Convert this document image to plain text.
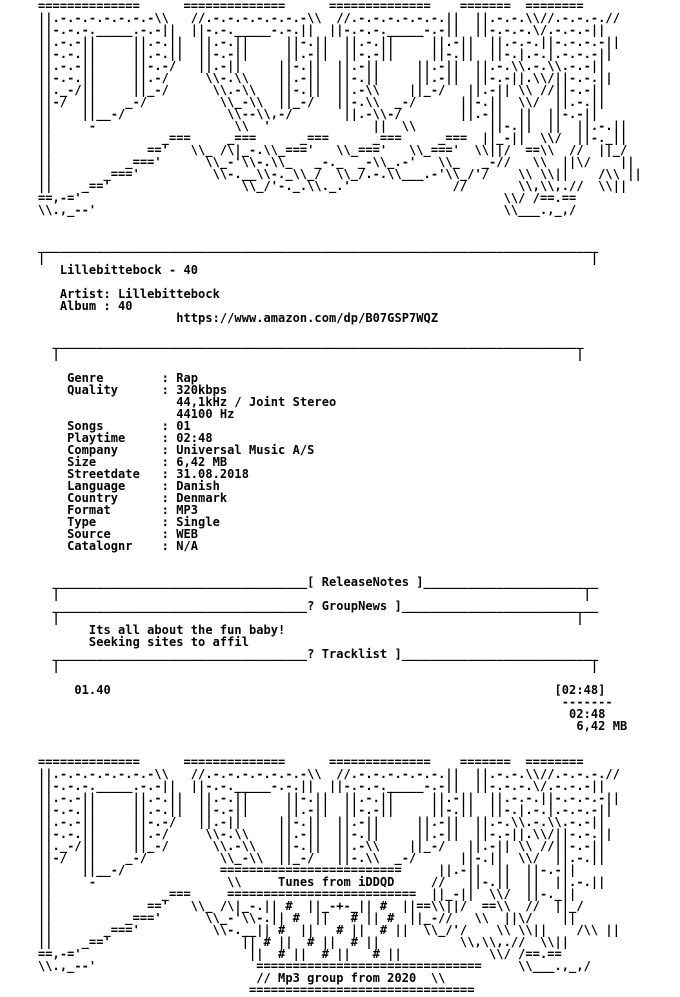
==============      ==============      ==============    =======  ========
||.-.-.-.-.-.-.-\\   //.-.-.-.-.-.-.-\\  //.-.-.-.-.-.-.||  ||.-.-.\\//.-.-.-.//
||-.-.-._____.-.-||  ||-.-._____-.-.||  ||-.-.-._____-.-||  ||-.-.-.\/.-.-.-||
||.-.-||     ||.-.||  ||.-.||     ||-.||  ||.-.||     ||.-||  ||.-.-.||-.-.-.-||
||-.-.||     ||.-.||  ||-.-||     ||.-||  ||-.-||     ||-.||  ||-.|.-.|.-.-.-||
||.-.-||     ||-.-/   ||.-||     ||-.||  ||.-||     ||.-||  ||.-.\\.-.\\.-.-||
||-.-.||     ||.-/     \\-.\\    ||.-||  ||-.||     ||.-||  ||-.-||.\\/||-.-.||
||._-/||     ||_-/      \\.-\\   ||-.||  ||.-\\    ||_-/   ||.-|| \\ //||-.-||
||-/  ||    _-/          \\_-\\  ||_-/   ||-.\\  _-/      ||-.||  \\/  ||.-.||
||    ||__-/              \\--\\,-/       ||.-\\-/        ||.-||  ||  ||-.-||
||     -                   \\  '              ||  \\          ||-.||  ||  ||.-.||
||               _===     _===      _===      _===     _===  ||_-||  \\/  ||-._||
||             =='   \\_ /\|_-.\\_==='   \\_==='   \\_==='  \\||/  ==\\  //  ||_/
||          _==='      \\_-'\\-.\\_   _-._  _-\\_.-'   \\_   _-//   \\  ||\/    ||
||       _==='          \\-.__\\-._\\_/  \\_/.-.\\___.-'\\_/'/    \\ \\||    /\\ ||
||    _=='                  \\_/'-._.\\._.'              //       \\,\\,.//  \\||
==,-='                                                          \\/ /==.==
\\.,_--'                                                        \\___.,_,/

_____________________________________________________________________________
|                                                                           |
Lillebittebock - 40

Artist: Lillebittebock
Album : 40
https://www.amazon.com/dp/B07GSP7WQZ

_________________________________________________________________________
|                                                                       |

Genre        : Rap
Quality      : 320kbps
44,1kHz / Joint Stereo
44100 Hz
Songs        : 01
Playtime     : 02:48
Company      : Universal Music A/S
Size         : 6,42 MB
Streetdate   : 31.08.2018
Language     : Danish
Country      : Denmark
Format       : MP3
Type         : Single
Source       : WEB
Catalognr    : N/A

___________________________________[ ReleaseNotes ]________________________
|                                                                        |
___________________________________? GroupNews ]___________________________
|                                                                       |
Its all about the fun baby!
Seeking sites to affil
___________________________________? Tracklist ]___________________________
|                                                                         |

01.40                                                             [02:48]
-------
02:48
6,42 MB

==============      ==============      ==============    =======  ========
||.-.-.-.-.-.-.-\\   //.-.-.-.-.-.-.-\\  //.-.-.-.-.-.-.||  ||.-.-.\\//.-.-.-.//
||-.-.-._____.-.-||  ||-.-._____-.-.||  ||-.-.-._____-.-||  ||-.-.-.\/.-.-.-||
||.-.-||     ||.-.||  ||.-.||     ||-.||  ||.-.||     ||.-||  ||.-.-.||-.-.-.-||
||-.-.||     ||.-.||  ||-.-||     ||.-||  ||-.-||     ||-.||  ||-.|.-.|.-.-.-||
||.-.-||     ||-.-/   ||.-||     ||-.||  ||.-||     ||.-||  ||.-.\\.-.\\.-.-||
||-.-.||     ||.-/     \\-.\\    ||.-||  ||-.||     ||.-||  ||-.-||.\\/||-.-.||
||._-/||     ||_-/      \\.-\\   ||-.||  ||.-\\    ||_-/   ||.-|| \\ //||-.-||
||-/  ||    _-/          \\_-\\  ||_-/   ||-.\\  _-/      ||-.||  \\/  ||.-.||
||    ||__-/             =========================     ||.-||  ||  ||-.-||
||     -                  \\     Tunes from iDDQD     //   ||-.||  ||  ||.-.||
||               _===     ==========================  ||_-||  \\/  ||-._||
||             =='   \\_ /\|_-.|| #  ||_-+-_|| #  ||==\\||/  ==\\  //  ||_/
||          _==='      \\_-'\\-.|| #  ||   # || #  ||_-//   \\  ||\/    ||
||       _==='          \\-.__|| #  ||   # ||  # ||  \\_/'/    \\ \\||    /\\ ||
||    _=='                  || # ||  # ||  # ||           \\,\\,.//  \\||
==,-='                       ||  # ||  # ||   # ||            \\/ /==.==
\\.,_--'                      ===============================     \\___.,_,/
// Mp3 group from 2020  \\
===============================
